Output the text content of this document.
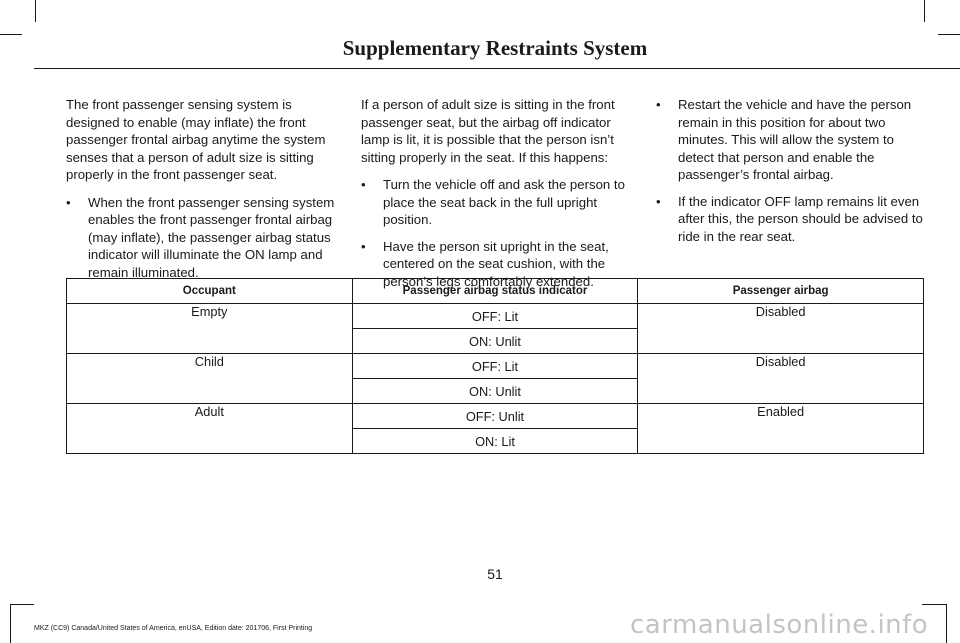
Supplementary Restraints System

The front passenger sensing system is designed to enable (may inflate) the front passenger frontal airbag anytime the system senses that a person of adult size is sitting properly in the front passenger seat.

• When the front passenger sensing system enables the front passenger frontal airbag (may inflate), the passenger airbag status indicator will illuminate the ON lamp and remain illuminated.

If a person of adult size is sitting in the front passenger seat, but the airbag off indicator lamp is lit, it is possible that the person isn’t sitting properly in the seat. If this happens:

• Turn the vehicle off and ask the person to place the seat back in the full upright position.
• Have the person sit upright in the seat, centered on the seat cushion, with the person’s legs comfortably extended.
• Restart the vehicle and have the person remain in this position for about two minutes. This will allow the system to detect that person and enable the passenger’s frontal airbag.
• If the indicator OFF lamp remains lit even after this, the person should be advised to ride in the rear seat.
Occupant	Passenger airbag status indicator	Passenger airbag
Empty	OFF: Lit	Disabled
	ON: Unlit	
Child	OFF: Lit	Disabled
	ON: Unlit	
Adult	OFF: Unlit	Enabled
	ON: Lit	
51
MKZ (CC9) Canada/United States of America, enUSA, Edition date: 201706, First Printing	carmanualsonline.info
